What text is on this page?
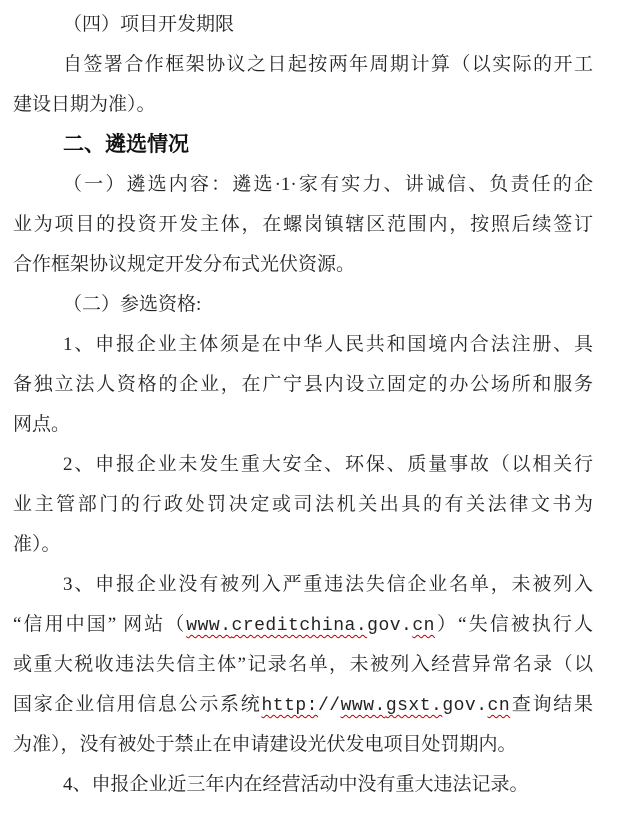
（四）项目开发期限
自签署合作框架协议之日起按两年周期计算（以实际的开工
建设日期为准）。
二、遴选情况
（一）遴选内容：遴选·1·家有实力、讲诚信、负责任的企
业为项目的投资开发主体，在螺岗镇辖区范围内，按照后续签订
合作框架协议规定开发分布式光伏资源。
（二）参选资格:
1、申报企业主体须是在中华人民共和国境内合法注册、具
备独立法人资格的企业，在广宁县内设立固定的办公场所和服务
网点。
2、申报企业未发生重大安全、环保、质量事故（以相关行
业主管部门的行政处罚决定或司法机关出具的有关法律文书为
准）。
3、申报企业没有被列入严重违法失信企业名单，未被列入
“信用中国” 网站（www.creditchina.gov.cn）“失信被执行人
或重大税收违法失信主体”记录名单，未被列入经营异常名录（以
国家企业信用信息公示系统http://www.gsxt.gov.cn查询结果
为准），没有被处于禁止在申请建设光伏发电项目处罚期内。
4、申报企业近三年内在经营活动中没有重大违法记录。
